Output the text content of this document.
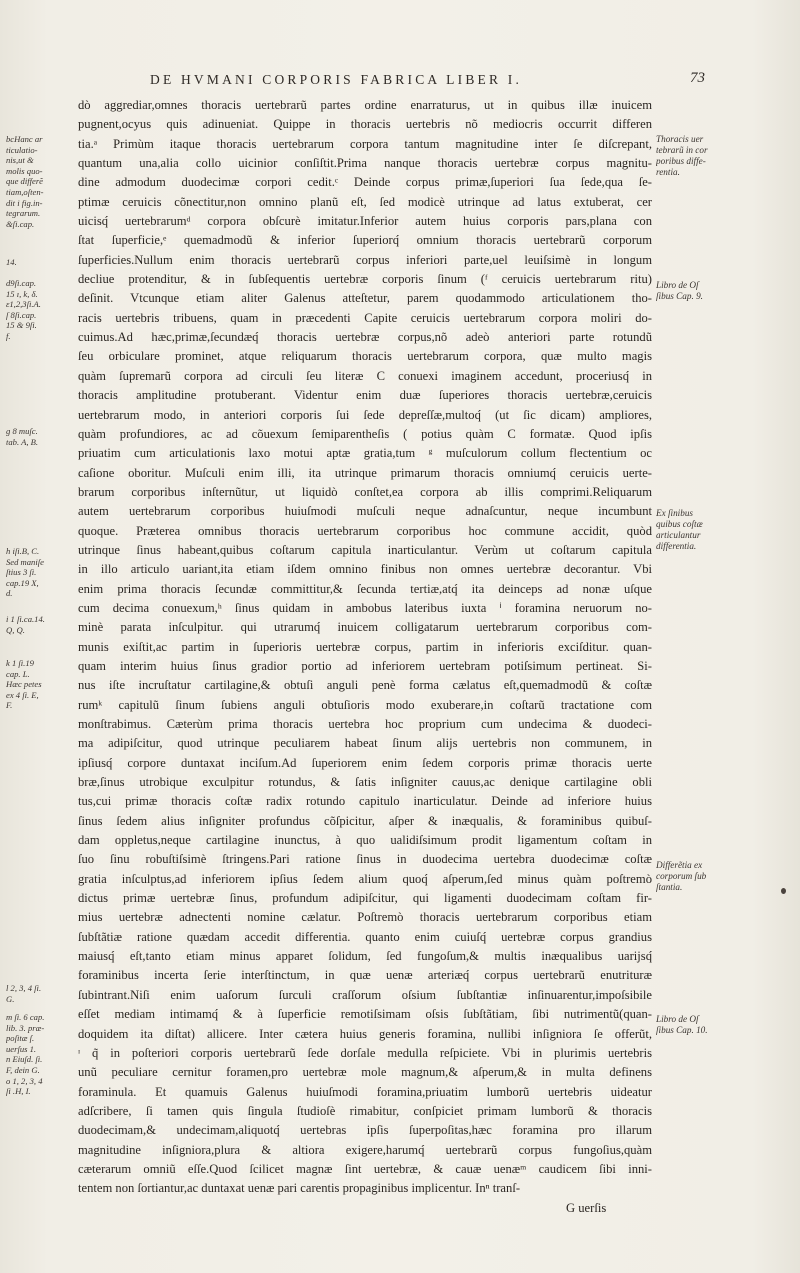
DE HVMANI CORPORIS FABRICA LIBER I.	73
dò aggrediar,omnes thoracis uertebrarũ partes ordine enarraturus, ut in quibus illæ inuicem
pugnent,ocyus quis adinueniat. Quippe in thoracis uertebris nõ mediocris occurrit differen
tia.ᵃ Primùm itaque thoracis uertebrarum corpora tantum magnitudine inter ſe diſcrepant,
quantum una,alia collo uicinior conſiſtit.Prima nanque thoracis uertebræ corpus magnitu-
dine admodum duodecimæ corpori cedit.ᶜ Deinde corpus primæ,ſuperiori ſua ſede,qua ſe-
ptimæ ceruicis cõnectitur,non omnino planũ eſt, ſed modicè utrinque ad latus extuberat, cer
uicisq́ uertebrarumᵈ corpora obſcurè imitatur.Inferior autem huius corporis pars,plana con
ſtat ſuperficie,ᵉ quemadmodũ & inferior ſuperiorq́ omnium thoracis uertebrarũ corporum
ſuperficies.Nullum enim thoracis uertebrarũ corpus inferiori parte,uel leuiſsimè in longum
decliue protenditur, & in ſubſequentis uertebræ corporis ſinum (ᶠ ceruicis uertebrarum ritu)
deſinit. Vtcunque etiam aliter Galenus atteſtetur, parem quodammodo articulationem tho-
racis uertebris tribuens, quam in præcedenti Capite ceruicis uertebrarum corpora moliri do-
cuimus.Ad hæc,primæ,ſecundæq́ thoracis uertebræ corpus,nõ adeò anteriori parte rotundũ
ſeu orbiculare prominet, atque reliquarum thoracis uertebrarum corpora, quæ multo magis
quàm ſupremarũ corpora ad circuli ſeu literæ C conuexi imaginem accedunt, proceriusq́ in
thoracis amplitudine protuberant. Videntur enim duæ ſuperiores thoracis uertebræ,ceruicis
uertebrarum modo, in anteriori corporis ſui ſede depreſſæ,multoq́ (ut ſic dicam) ampliores,
quàm profundiores, ac ad cõuexum ſemiparentheſis ( potius quàm C formatæ. Quod ipſis
priuatim cum articulationis laxo motui aptæ gratia,tum ᵍ muſculorum collum flectentium oc
caſione oboritur. Muſculi enim illi, ita utrinque primarum thoracis omniumq́ ceruicis uerte-
brarum corporibus inſternũtur, ut liquidò conſtet,ea corpora ab illis comprimi.Reliquarum
autem uertebrarum corporibus huiuſmodi muſculi neque adnaſcuntur, neque incumbunt
quoque. Præterea omnibus thoracis uertebrarum corporibus hoc commune accidit, quòd
utrinque ſinus habeant,quibus coſtarum capitula inarticulantur. Verùm ut coſtarum capitula
in illo articulo uariant,ita etiam iſdem omnino finibus non omnes uertebræ decorantur. Vbi
enim prima thoracis ſecundæ committitur,& ſecunda tertiæ,atq́ ita deinceps ad nonæ uſque
cum decima conuexum,ʰ ſinus quidam in ambobus lateribus iuxta ⁱ foramina neruorum no-
minè parata inſculpitur. qui utrarumq́ inuicem colligatarum uertebrarum corporibus com-
munis exiſtit,ac partim in ſuperioris uertebræ corpus, partim in inferioris exciſditur. quan-
quam interim huius ſinus gradior portio ad inferiorem uertebram potiſsimum pertineat. Si-
nus iſte incruſtatur cartilagine,& obtuſi anguli penè forma cælatus eſt,quemadmodũ & coſtæ
rumᵏ capitulũ ſinum ſubiens anguli obtuſioris modo exuberare,in coſtarũ tractatione com
monſtrabimus. Cæterùm prima thoracis uertebra hoc proprium cum undecima & duodeci-
ma adipiſcitur, quod utrinque peculiarem habeat ſinum alijs uertebris non communem, in
ipſiusq́ corpore duntaxat inciſum.Ad ſuperiorem enim ſedem corporis primæ thoracis uerte
bræ,ſinus utrobique exculpitur rotundus, & ſatis inſigniter cauus,ac denique cartilagine obli
tus,cui primæ thoracis coſtæ radix rotundo capitulo inarticulatur. Deinde ad inferiore huius
ſinus ſedem alius inſigniter profundus cõſpicitur, aſper & inæqualis, & foraminibus quibuſ-
dam oppletus,neque cartilagine inunctus, à quo ualidiſsimum prodit ligamentum coſtam in
ſuo ſinu robuſtiſsimè ſtringens.Pari ratione ſinus in duodecima uertebra duodecimæ coſtæ
gratia inſculptus,ad inferiorem ipſius ſedem alium quoq́ aſperum,ſed minus quàm poſtremò
dictus primæ uertebræ ſinus, profundum adipiſcitur, qui ligamenti duodecimam coſtam fir-
mius uertebræ adnectenti nomine cælatur. Poſtremò thoracis uertebrarum corporibus etiam
ſubſtãtiæ ratione quædam accedit differentia. quanto enim cuiuſq́ uertebræ corpus grandius
maiusq́ eſt,tanto etiam minus apparet ſolidum, ſed fungoſum,& multis inæqualibus uarijsq́
foraminibus incerta ſerie interſtinctum, in quæ uenæ arteriæq́ corpus uertebrarũ enutrituræ
ſubintrant.Niſi enim uaſorum ſurculi craſſorum oſsium ſubſtantiæ inſinuarentur,impoſsibile
eſſet mediam intimamq́ & à ſuperficie remotiſsimam oſsis ſubſtãtiam, ſibi nutrimentũ(quan-
doquidem ita diſtat) allicere. Inter cætera huius generis foramina, nullibi inſigniora ſe offerũt,
ᶦ q̃ in poſteriori corporis uertebrarũ ſede dorſale medulla reſpiciete. Vbi in plurimis uertebris
unũ peculiare cernitur foramen,pro uertebræ mole magnum,& aſperum,& in multa definens
foraminula. Et quamuis Galenus huiuſmodi foramina,priuatim lumborũ uertebris uideatur
adſcribere, ſi tamen quis ſingula ſtudioſè rimabitur, conſpiciet primam lumborũ & thoracis
duodecimam,& undecimam,aliquotq́ uertebras ipſis ſuperpoſitas,hæc foramina pro illarum
magnitudine inſigniora,plura & altiora exigere,harumq́ uertebrarũ corpus fungoſius,quàm
cæterarum omniũ eſſe.Quod ſcilicet magnæ ſint uertebræ, & cauæ uenæᵐ caudicem ſibi inni-
tentem non ſortiantur,ac duntaxat uenæ pari carentis propaginibus implicentur. Inⁿ tranſ-
G uerſis
bcHanc ar
ticulatio-
nis,ut &
molis quo-
que differẽ
tiam,oſten-
dit i fig.in-
tegrarum.
&ſi.cap.
14.
d9ſi.cap.
15 ı, k, δ.
ε1,2,3ſi.A.
ſ 8ſi.cap.
15 & 9ſi.
f.
g 8 muſc.
tab. A, B.
h iſi.B, C.
Sed maniſe
ſtius 3 ſi.
cap.19 X,
d.
i 1 ſi.ca.14.
Q, Q.
k 1 ſi.19
cap. L.
Hæc petes
ex 4 ſi. E,
F.
l 2, 3, 4 ſi.
G.
m ſi. 6 cap.
lib. 3. præ-
poſitæ ſ.
uerſus 1.
n Eiuſd. ſi.
F, dein G.
o 1, 2, 3, 4
ſi .H, I.
Thoracis uer
tebrarũ in cor
poribus diffe-
rentia.
Libro de Oſ
ſibus Cap. 9.
Ex ſinibus
quibus coſtæ
articulantur
differentia.
Differẽtia ex
corporum ſub
ſtantia.
Libro de Oſ
ſibus Cap. 10.
